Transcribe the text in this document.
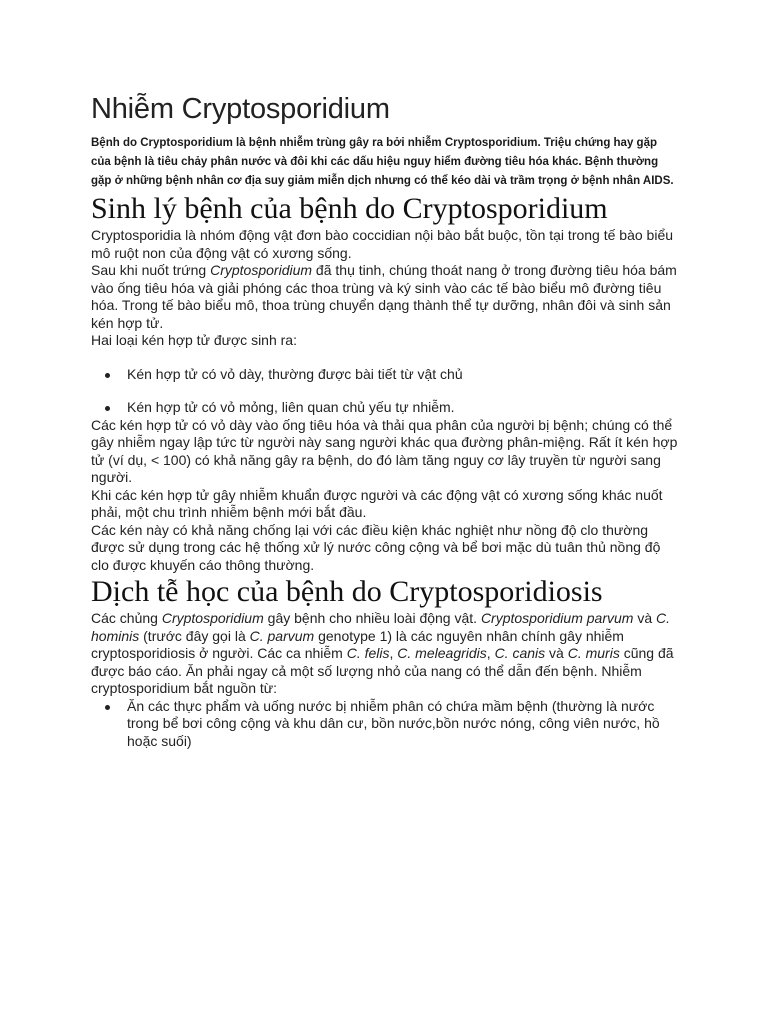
Nhiễm Cryptosporidium

Bệnh do Cryptosporidium là bệnh nhiễm trùng gây ra bởi nhiễm Cryptosporidium. Triệu chứng hay gặp của bệnh là tiêu chảy phân nước và đôi khi các dấu hiệu nguy hiểm đường tiêu hóa khác. Bệnh thường gặp ở những bệnh nhân cơ địa suy giảm miễn dịch nhưng có thể kéo dài và trầm trọng ở bệnh nhân AIDS.

Sinh lý bệnh của bệnh do Cryptosporidium

Cryptosporidia là nhóm động vật đơn bào coccidian nội bào bắt buộc, tồn tại trong tế bào biểu mô ruột non của động vật có xương sống.

Sau khi nuốt trứng Cryptosporidium đã thụ tinh, chúng thoát nang ở trong đường tiêu hóa bám vào ống tiêu hóa và giải phóng các thoa trùng và ký sinh vào các tế bào biểu mô đường tiêu hóa. Trong tế bào biểu mô, thoa trùng chuyển dạng thành thể tự dưỡng, nhân đôi và sinh sản kén hợp tử.

Hai loại kén hợp tử được sinh ra:

Kén hợp tử có vỏ dày, thường được bài tiết từ vật chủ
Kén hợp tử có vỏ mỏng, liên quan chủ yếu tự nhiễm.

Các kén hợp tử có vỏ dày vào ống tiêu hóa và thải qua phân của người bị bệnh; chúng có thể gây nhiễm ngay lập tức từ người này sang người khác qua đường phân-miệng. Rất ít kén hợp tử (ví dụ, < 100) có khả năng gây ra bệnh, do đó làm tăng nguy cơ lây truyền từ người sang người.

Khi các kén hợp tử gây nhiễm khuẩn được người và các động vật có xương sống khác nuốt phải, một chu trình nhiễm bệnh mới bắt đầu.

Các kén này có khả năng chống lại với các điều kiện khác nghiệt như nồng độ clo thường được sử dụng trong các hệ thống xử lý nước công cộng và bể bơi mặc dù tuân thủ nồng độ clo được khuyến cáo thông thường.

Dịch tễ học của bệnh do Cryptosporidiosis

Các chủng Cryptosporidium gây bệnh cho nhiều loài động vật. Cryptosporidium parvum và C. hominis (trước đây gọi là C. parvum genotype 1) là các nguyên nhân chính gây nhiễm cryptosporidiosis ở người. Các ca nhiễm C. felis, C. meleagridis, C. canis và C. muris cũng đã được báo cáo. Ăn phải ngay cả một số lượng nhỏ của nang có thể dẫn đến bệnh. Nhiễm cryptosporidium bắt nguồn từ:

Ăn các thực phẩm và uống nước bị nhiễm phân có chứa mầm bệnh (thường là nước trong bể bơi công cộng và khu dân cư, bồn nước,bồn nước nóng, công viên nước, hồ hoặc suối)
